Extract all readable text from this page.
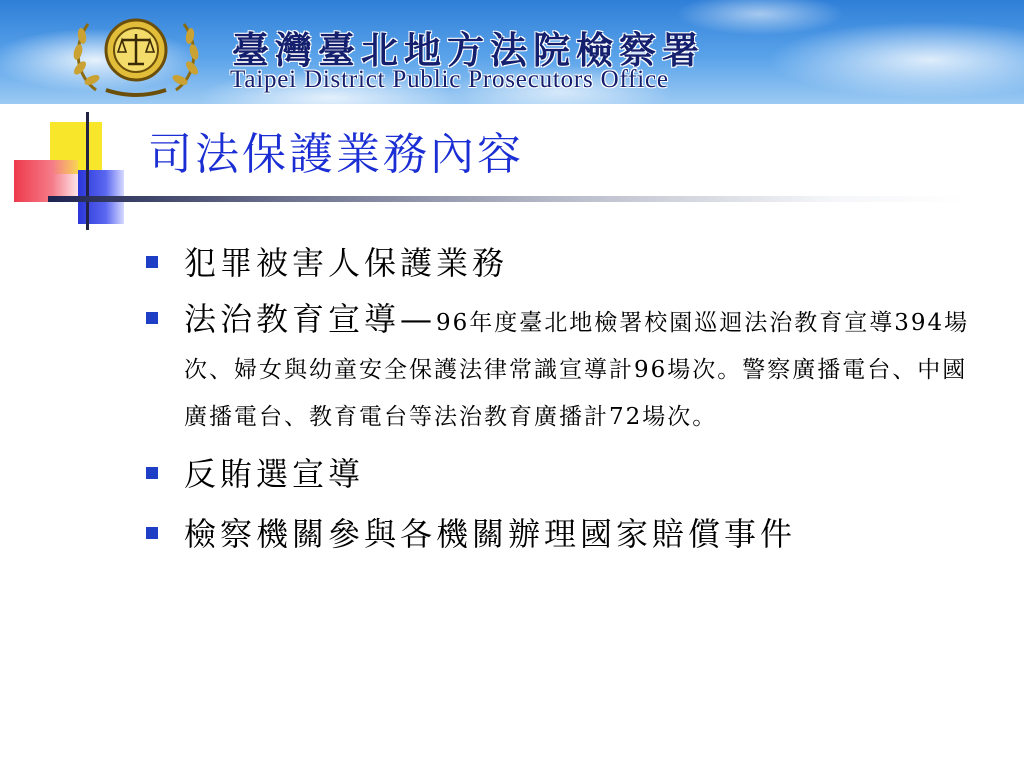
臺灣臺北地方法院檢察署
Taipei District Public Prosecutors Office
司法保護業務內容
犯罪被害人保護業務
法治教育宣導—96年度臺北地檢署校園巡迴法治教育宣導394場次、婦女與幼童安全保護法律常識宣導計96場次。警察廣播電台、中國廣播電台、教育電台等法治教育廣播計72場次。
反賄選宣導
檢察機關參與各機關辦理國家賠償事件
